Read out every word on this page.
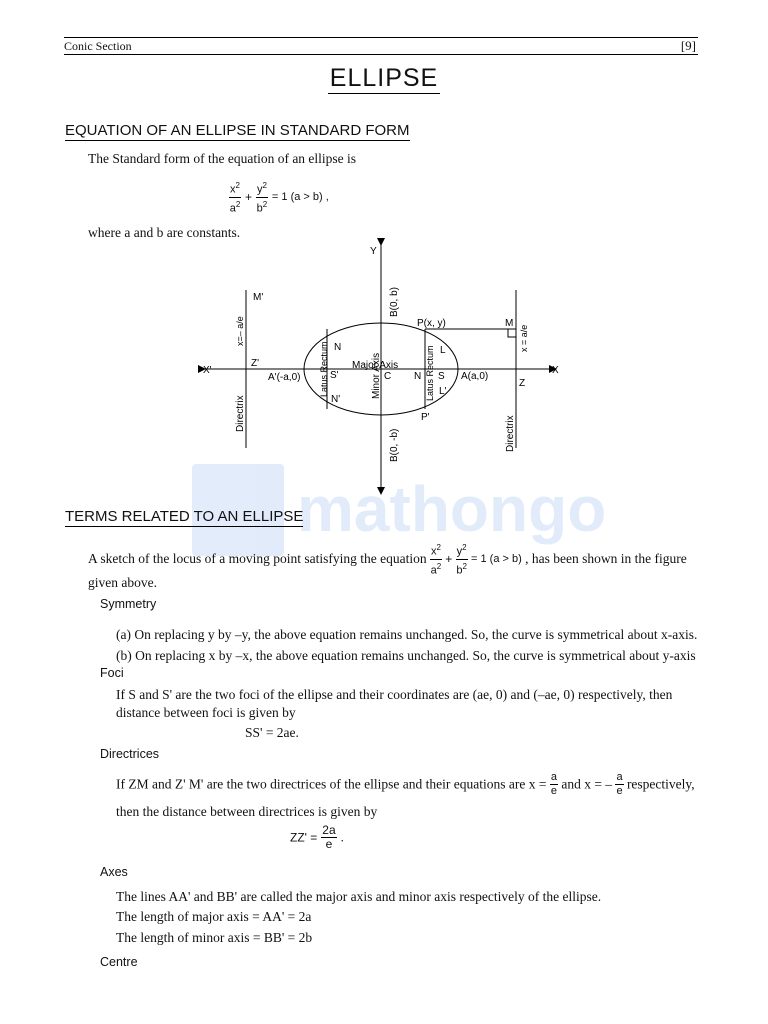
Conic Section	[9]
ELLIPSE
EQUATION OF AN ELLIPSE IN STANDARD FORM
The Standard form of the equation of an ellipse is
$\frac{x^2}{a^2} + \frac{y^2}{b^2} = 1$ (a > b) ,
where a and b are constants.
Y
X
X'
M'
Z'
M
Z
P(x, y)
P'
A'(-a,0)	A(a,0)
N
N'
S'	C N S
L
L'
Major Axis
Minor Axis
B(0, b)
B(0, -b)
Latus Rectum	Latus Rectum
Directrix
Directrix
x=– a/e	x = a/e
mathongo
TERMS RELATED TO AN ELLIPSE
A sketch of the locus of a moving point satisfying the equation $\frac{x^2}{a^2} + \frac{y^2}{b^2} = 1$ (a > b) , has been shown in the figure
given above.
Symmetry
(a) On replacing y by –y, the above equation remains unchanged. So, the curve is symmetrical about x-axis.
(b) On replacing x by –x, the above equation remains unchanged. So, the curve is symmetrical about y-axis
Foci
If S and S' are the two foci of the ellipse and their coordinates are (ae, 0) and (–ae, 0) respectively, then
distance between foci is given by
SS' = 2ae.
Directrices
If ZM and Z' M' are the two directrices of the ellipse and their equations are $x = \frac{a}{e}$ and x = – $\frac{a}{e}$ respectively,
then the distance between directrices is given by
$ZZ' = \frac{2a}{e}$ .
Axes
The lines AA' and BB' are called the major axis and minor axis respectively of the ellipse.
The length of major axis = AA' = 2a
The length of minor axis = BB' = 2b
Centre
